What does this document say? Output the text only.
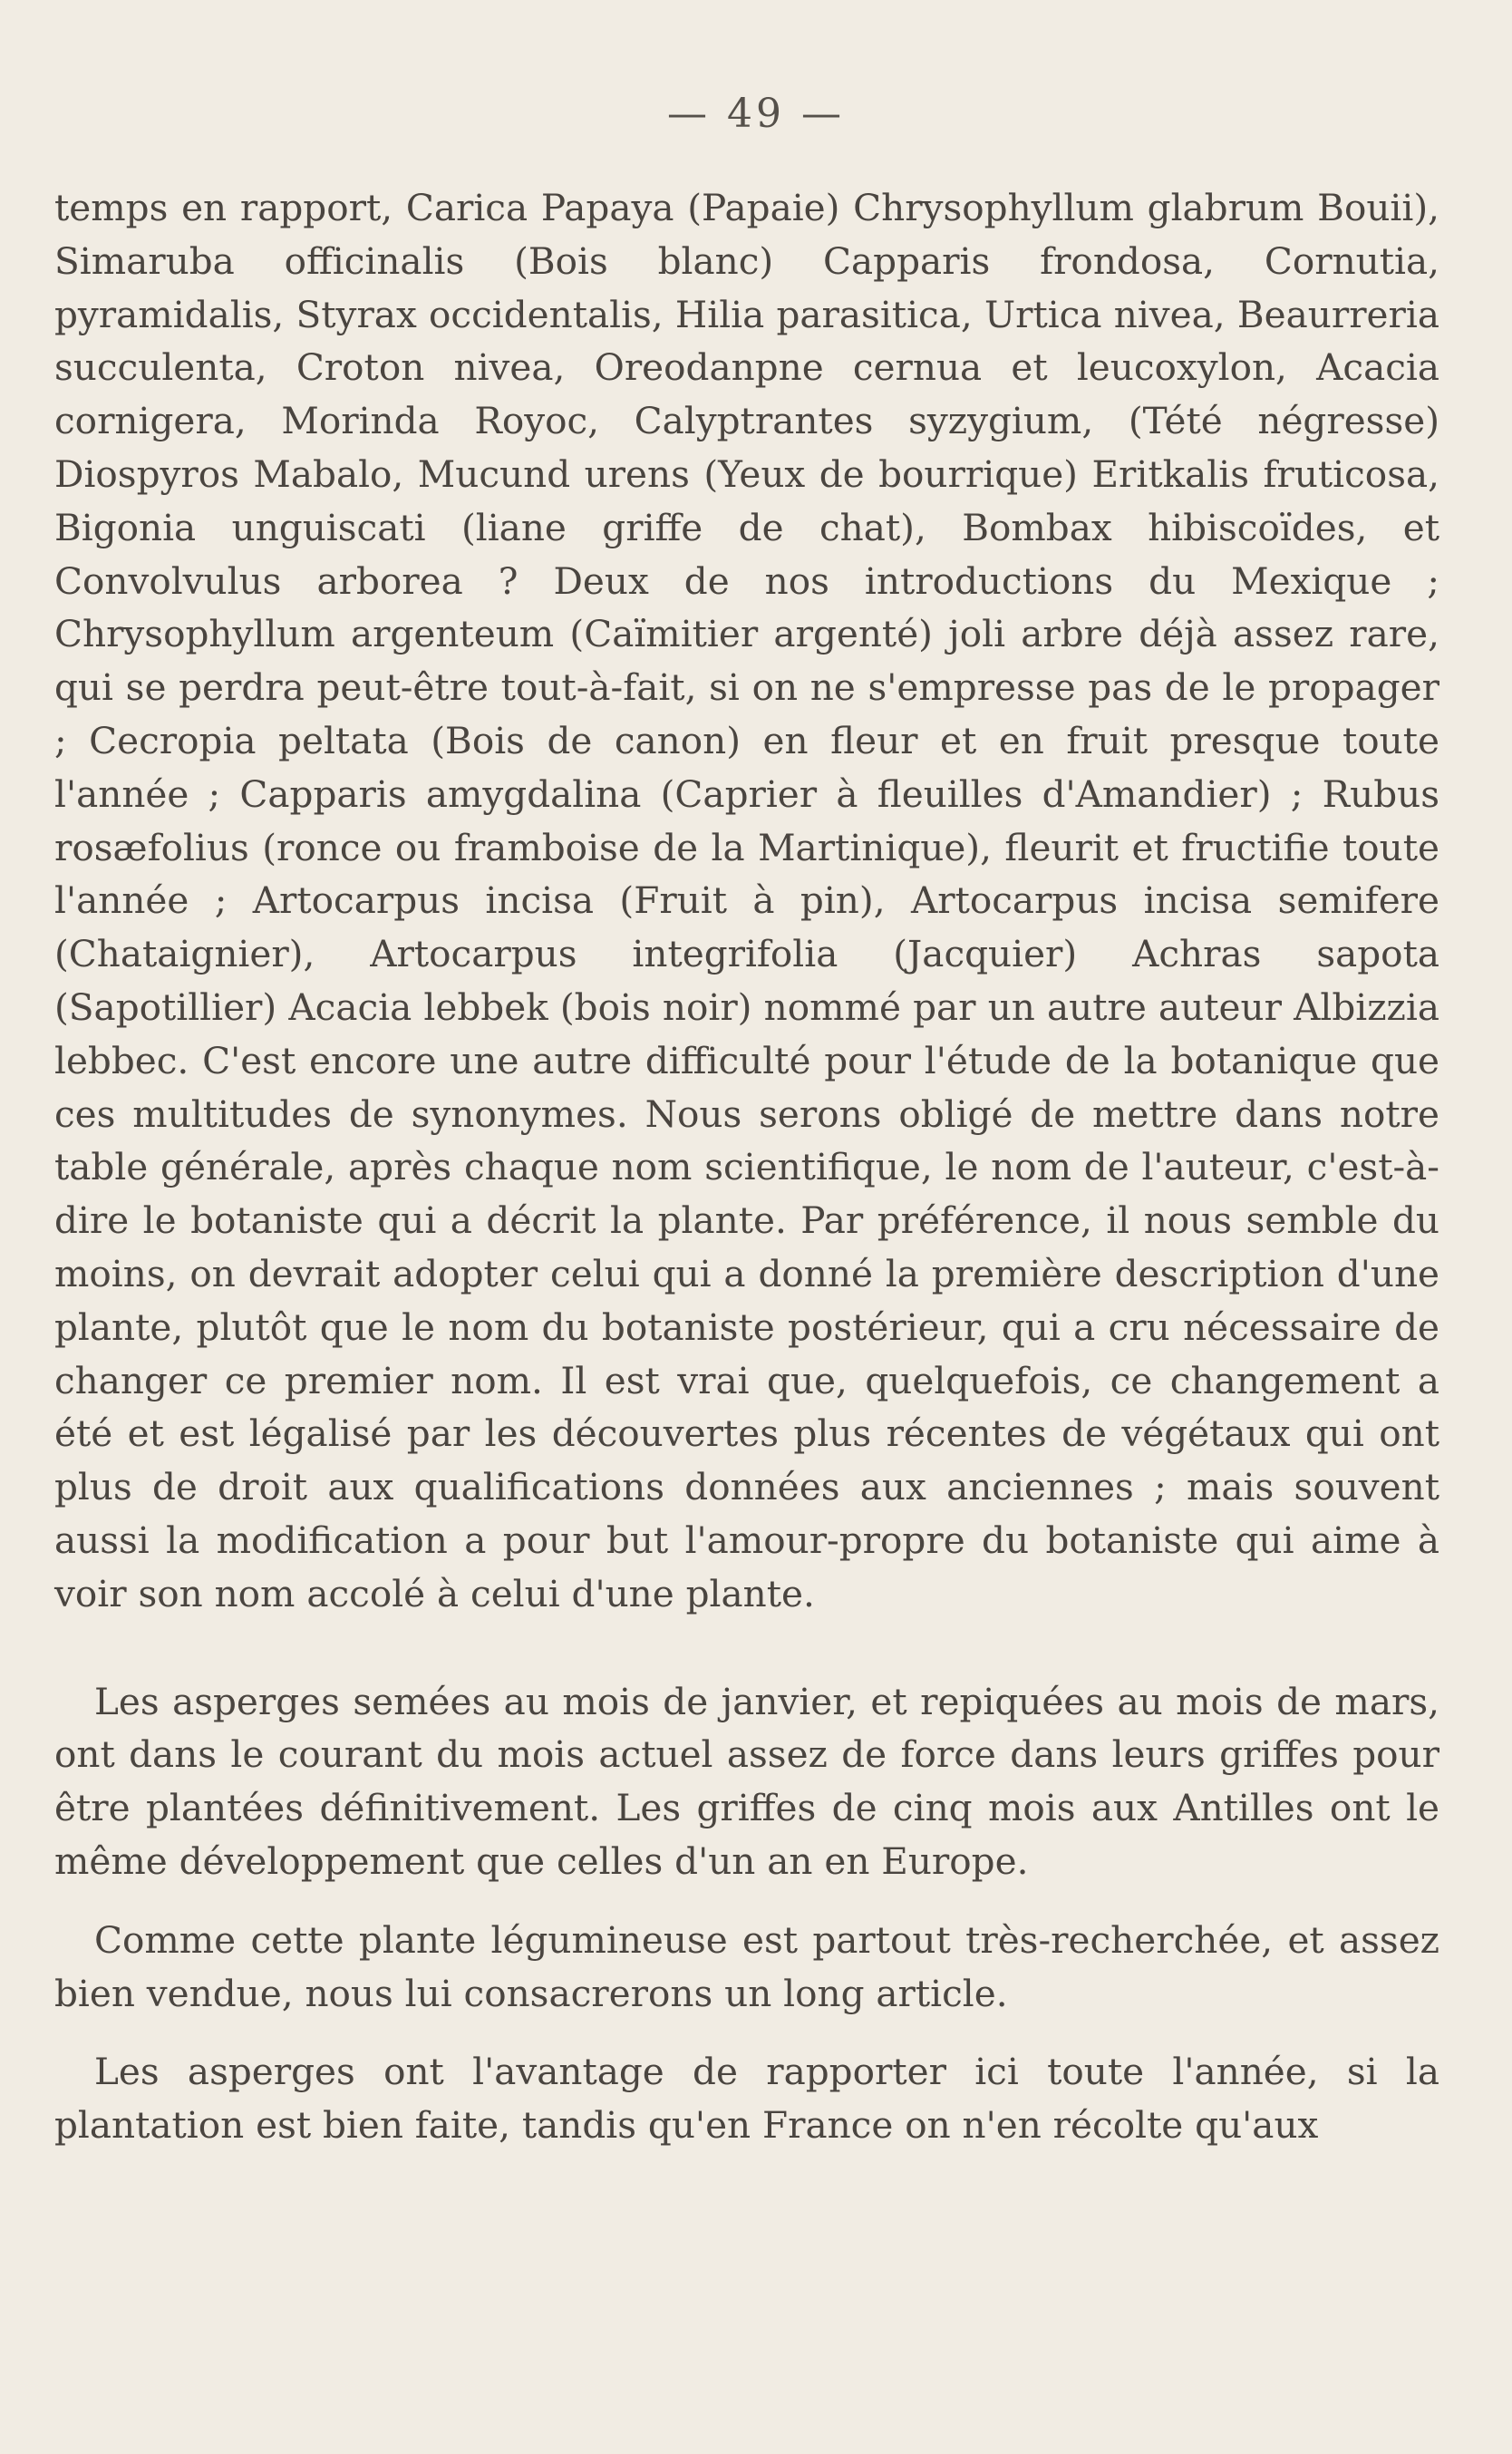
— 49 —

temps en rapport, Carica Papaya (Papaie) Chrysophyllum glabrum Bouii), Simaruba officinalis (Bois blanc) Capparis frondosa, Cornutia, pyramidalis, Styrax occidentalis, Hilia parasitica, Urtica nivea, Beaurreria succulenta, Croton nivea, Oreodanpne cernua et leucoxylon, Acacia cornigera, Morinda Royoc, Calyptrantes syzygium, (Tété négresse) Diospyros Mabalo, Mucund urens (Yeux de bourrique) Eritkalis fruticosa, Bigonia unguiscati (liane griffe de chat), Bombax hibiscoïdes, et Convolvulus arborea ? Deux de nos introductions du Mexique ; Chrysophyllum argenteum (Caïmitier argenté) joli arbre déjà assez rare, qui se perdra peut-être tout-à-fait, si on ne s'empresse pas de le propager ; Cecropia peltata (Bois de canon) en fleur et en fruit presque toute l'année ; Capparis amygdalina (Caprier à fleuilles d'Amandier) ; Rubus rosæfolius (ronce ou framboise de la Martinique), fleurit et fructifie toute l'année ; Artocarpus incisa (Fruit à pin), Artocarpus incisa semifere (Chataignier), Artocarpus integrifolia (Jacquier) Achras sapota (Sapotillier) Acacia lebbek (bois noir) nommé par un autre auteur Albizzia lebbec. C'est encore une autre difficulté pour l'étude de la botanique que ces multitudes de synonymes. Nous serons obligé de mettre dans notre table générale, après chaque nom scientifique, le nom de l'auteur, c'est-à-dire le botaniste qui a décrit la plante. Par préférence, il nous semble du moins, on devrait adopter celui qui a donné la première description d'une plante, plutôt que le nom du botaniste postérieur, qui a cru nécessaire de changer ce premier nom. Il est vrai que, quelquefois, ce changement a été et est légalisé par les découvertes plus récentes de végétaux qui ont plus de droit aux qualifications données aux anciennes ; mais souvent aussi la modification a pour but l'amour-propre du botaniste qui aime à voir son nom accolé à celui d'une plante.

Les asperges semées au mois de janvier, et repiquées au mois de mars, ont dans le courant du mois actuel assez de force dans leurs griffes pour être plantées définitivement. Les griffes de cinq mois aux Antilles ont le même développement que celles d'un an en Europe.

Comme cette plante légumineuse est partout très-recherchée, et assez bien vendue, nous lui consacrerons un long article.

Les asperges ont l'avantage de rapporter ici toute l'année, si la plantation est bien faite, tandis qu'en France on n'en récolte qu'aux
